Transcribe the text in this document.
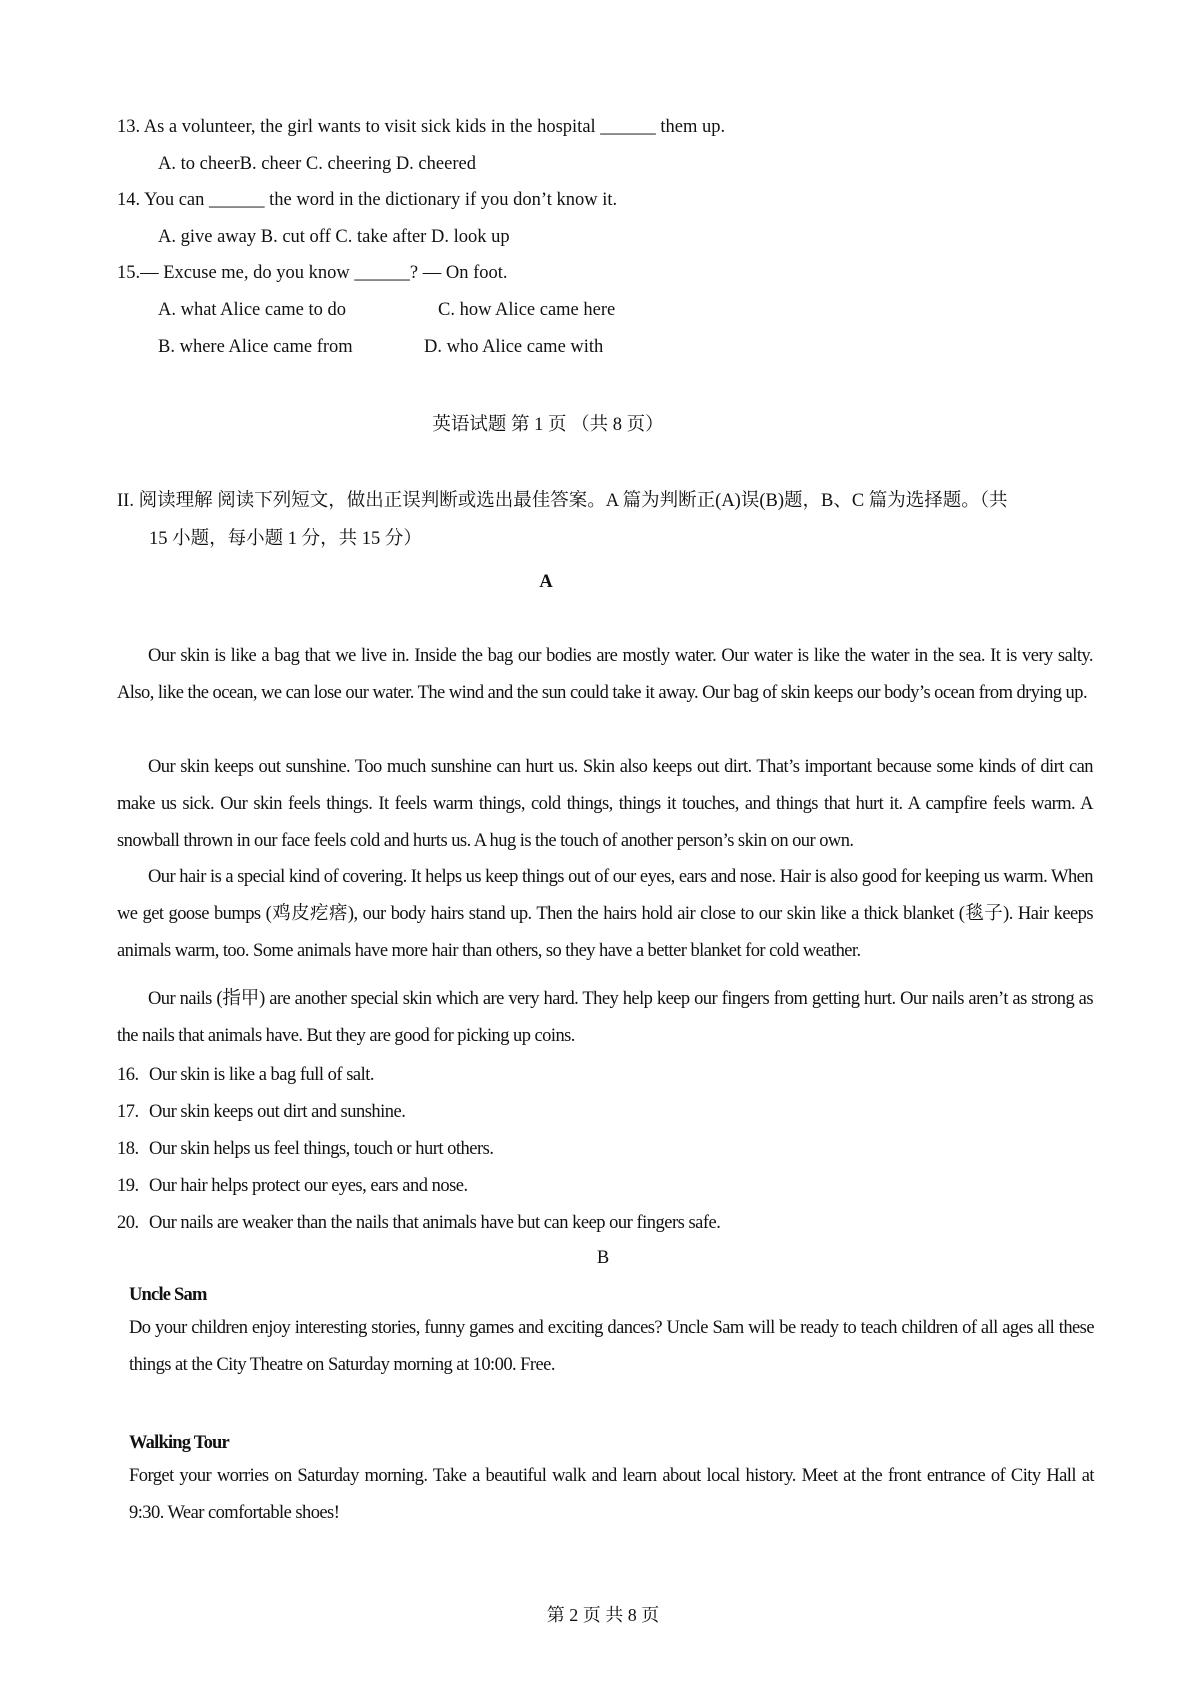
13. As a volunteer, the girl wants to visit sick kids in the hospital ______ them up.
A. to cheerB. cheer C. cheering D. cheered
14. You can ______ the word in the dictionary if you don’t know it.
A. give away B. cut off C. take after D. look up
15.— Excuse me, do you know ______? — On foot.
A. what Alice came to do	C. how Alice came here
B. where Alice came from	D. who Alice came with
英语试题 第 1 页 （共 8 页）
II. 阅读理解 阅读下列短文，做出正误判断或选出最佳答案。A 篇为判断正(A)误(B)题，B、C 篇为选择题。（共
15 小题，每小题 1 分，共 15 分）
A
Our skin is like a bag that we live in. Inside the bag our bodies are mostly water. Our water is like the water in the sea. It is very salty. Also, like the ocean, we can lose our water. The wind and the sun could take it away. Our bag of skin keeps our body’s ocean from drying up.
Our skin keeps out sunshine. Too much sunshine can hurt us. Skin also keeps out dirt. That’s important because some kinds of dirt can make us sick. Our skin feels things. It feels warm things, cold things, things it touches, and things that hurt it. A campfire feels warm. A snowball thrown in our face feels cold and hurts us. A hug is the touch of another person’s skin on our own.
Our hair is a special kind of covering. It helps us keep things out of our eyes, ears and nose. Hair is also good for keeping us warm. When we get goose bumps (鸡皮疙瘩), our body hairs stand up. Then the hairs hold air close to our skin like a thick blanket (毯子). Hair keeps animals warm, too. Some animals have more hair than others, so they have a better blanket for cold weather.
Our nails (指甲) are another special skin which are very hard. They help keep our fingers from getting hurt. Our nails aren’t as strong as the nails that animals have. But they are good for picking up coins.
16. Our skin is like a bag full of salt.
17. Our skin keeps out dirt and sunshine.
18. Our skin helps us feel things, touch or hurt others.
19. Our hair helps protect our eyes, ears and nose.
20. Our nails are weaker than the nails that animals have but can keep our fingers safe.
B
Uncle Sam
Do your children enjoy interesting stories, funny games and exciting dances? Uncle Sam will be ready to teach children of all ages all these things at the City Theatre on Saturday morning at 10:00. Free.
Walking Tour
Forget your worries on Saturday morning. Take a beautiful walk and learn about local history. Meet at the front entrance of City Hall at 9:30. Wear comfortable shoes!
第 2 页 共 8 页
